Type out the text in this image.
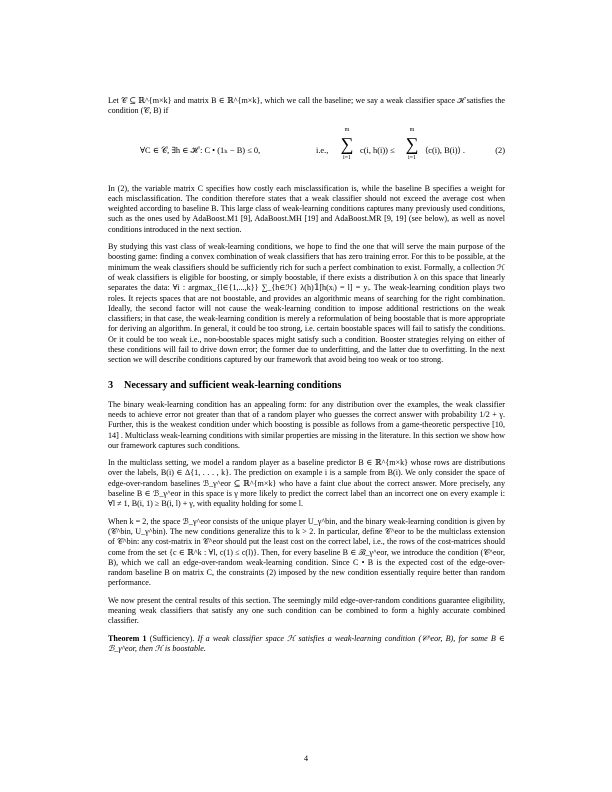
Let 𝒞 ⊆ ℝ^{m×k} and matrix B ∈ ℝ^{m×k}, which we call the baseline; we say a weak classifier space ℋ satisfies the condition (𝒞, B) if

∀C ∈ 𝒞, ∃h ∈ ℋ : C • (1ₕ − B) ≤ 0,	i.e.,
m
∑
i=1
c(i, h(i)) ≤
m
∑
i=1
⟨c(i), B(i)⟩ .	(2)

In (2), the variable matrix C specifies how costly each misclassification is, while the baseline B specifies a weight for each misclassification. The condition therefore states that a weak classifier should not exceed the average cost when weighted according to baseline B. This large class of weak-learning conditions captures many previously used conditions, such as the ones used by AdaBoost.M1 [9], AdaBoost.MH [19] and AdaBoost.MR [9, 19] (see below), as well as novel conditions introduced in the next section.

By studying this vast class of weak-learning conditions, we hope to find the one that will serve the main purpose of the boosting game: finding a convex combination of weak classifiers that has zero training error. For this to be possible, at the minimum the weak classifiers should be sufficiently rich for such a perfect combination to exist. Formally, a collection ℋ of weak classifiers is eligible for boosting, or simply boostable, if there exists a distribution λ on this space that linearly separates the data: ∀i : argmax_{l∈{1,...,k}} ∑_{h∈ℋ} λ(h)𝟙[h(xᵢ) = l] = yᵢ. The weak-learning condition plays two roles. It rejects spaces that are not boostable, and provides an algorithmic means of searching for the right combination. Ideally, the second factor will not cause the weak-learning condition to impose additional restrictions on the weak classifiers; in that case, the weak-learning condition is merely a reformulation of being boostable that is more appropriate for deriving an algorithm. In general, it could be too strong, i.e. certain boostable spaces will fail to satisfy the conditions. Or it could be too weak i.e., non-boostable spaces might satisfy such a condition. Booster strategies relying on either of these conditions will fail to drive down error; the former due to underfitting, and the latter due to overfitting. In the next section we will describe conditions captured by our framework that avoid being too weak or too strong.

3 Necessary and sufficient weak-learning conditions

The binary weak-learning condition has an appealing form: for any distribution over the examples, the weak classifier needs to achieve error not greater than that of a random player who guesses the correct answer with probability 1/2 + γ. Further, this is the weakest condition under which boosting is possible as follows from a game-theoretic perspective [10, 14] . Multiclass weak-learning conditions with similar properties are missing in the literature. In this section we show how our framework captures such conditions.

In the multiclass setting, we model a random player as a baseline predictor B ∈ ℝ^{m×k} whose rows are distributions over the labels, B(i) ∈ Δ{1, . . . , k}. The prediction on example i is a sample from B(i). We only consider the space of edge-over-random baselines ℬ_γ^eor ⊆ ℝ^{m×k} who have a faint clue about the correct answer. More precisely, any baseline B ∈ ℬ_γ^eor in this space is γ more likely to predict the correct label than an incorrect one on every example i: ∀l ≠ 1, B(i, 1) ≥ B(i, l) + γ, with equality holding for some l.

When k = 2, the space ℬ_γ^eor consists of the unique player U_γ^bin, and the binary weak-learning condition is given by (𝒞^bin, U_γ^bin). The new conditions generalize this to k > 2. In particular, define 𝒞^eor to be the multiclass extension of 𝒞^bin: any cost-matrix in 𝒞^eor should put the least cost on the correct label, i.e., the rows of the cost-matrices should come from the set {c ∈ ℝ^k : ∀l, c(1) ≤ c(l)}. Then, for every baseline B ∈ ℬ_γ^eor, we introduce the condition (𝒞^eor, B), which we call an edge-over-random weak-learning condition. Since C • B is the expected cost of the edge-over-random baseline B on matrix C, the constraints (2) imposed by the new condition essentially require better than random performance.

We now present the central results of this section. The seemingly mild edge-over-random conditions guarantee eligibility, meaning weak classifiers that satisfy any one such condition can be combined to form a highly accurate combined classifier.

Theorem 1 (Sufficiency). If a weak classifier space ℋ satisfies a weak-learning condition (𝒞^eor, B), for some B ∈ ℬ_γ^eor, then ℋ is boostable.

4
